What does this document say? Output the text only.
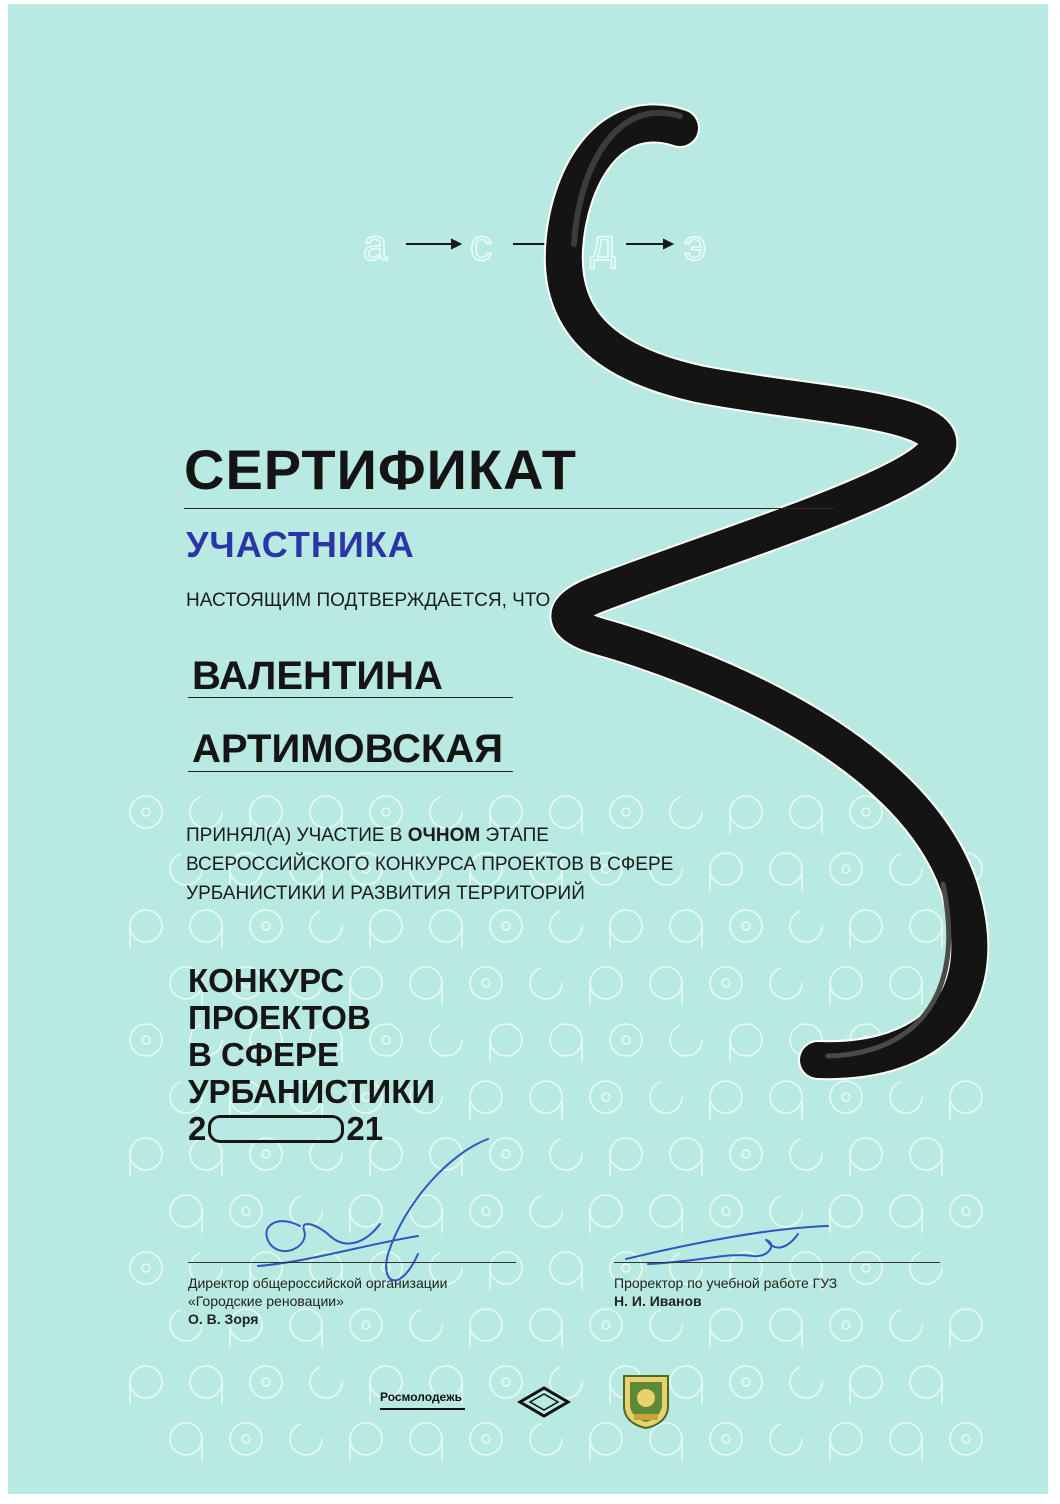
а с д э
СЕРТИФИКАТ
УЧАСТНИКА
НАСТОЯЩИМ ПОДТВЕРЖДАЕТСЯ, ЧТО
ВАЛЕНТИНА
АРТИМОВСКАЯ
ПРИНЯЛ(А) УЧАСТИЕ В ОЧНОМ ЭТАПЕ
ВСЕРОССИЙСКОГО КОНКУРСА ПРОЕКТОВ В СФЕРЕ
УРБАНИСТИКИ И РАЗВИТИЯ ТЕРРИТОРИЙ
КОНКУРС
ПРОЕКТОВ
В СФЕРЕ
УРБАНИСТИКИ
2	21
Директор общероссийской организации
«Городские реновации»
О. В. Зоря
Проректор по учебной работе ГУЗ
Н. И. Иванов
Росмолодежь
